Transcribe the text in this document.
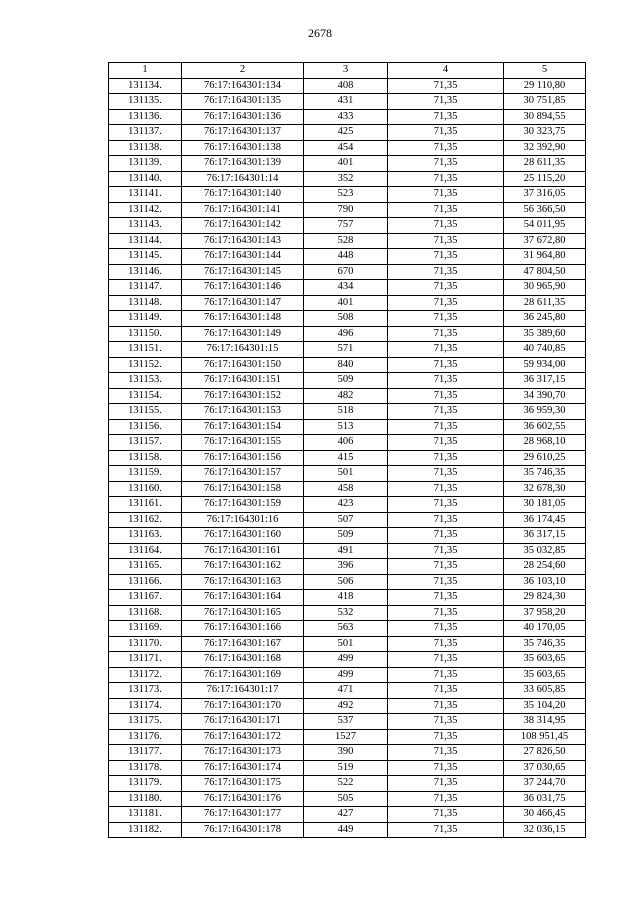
2678
1	2	3	4	5
131134.	76:17:164301:134	408	71,35	29 110,80
131135.	76:17:164301:135	431	71,35	30 751,85
131136.	76:17:164301:136	433	71,35	30 894,55
131137.	76:17:164301:137	425	71,35	30 323,75
131138.	76:17:164301:138	454	71,35	32 392,90
131139.	76:17:164301:139	401	71,35	28 611,35
131140.	76:17:164301:14	352	71,35	25 115,20
131141.	76:17:164301:140	523	71,35	37 316,05
131142.	76:17:164301:141	790	71,35	56 366,50
131143.	76:17:164301:142	757	71,35	54 011,95
131144.	76:17:164301:143	528	71,35	37 672,80
131145.	76:17:164301:144	448	71,35	31 964,80
131146.	76:17:164301:145	670	71,35	47 804,50
131147.	76:17:164301:146	434	71,35	30 965,90
131148.	76:17:164301:147	401	71,35	28 611,35
131149.	76:17:164301:148	508	71,35	36 245,80
131150.	76:17:164301:149	496	71,35	35 389,60
131151.	76:17:164301:15	571	71,35	40 740,85
131152.	76:17:164301:150	840	71,35	59 934,00
131153.	76:17:164301:151	509	71,35	36 317,15
131154.	76:17:164301:152	482	71,35	34 390,70
131155.	76:17:164301:153	518	71,35	36 959,30
131156.	76:17:164301:154	513	71,35	36 602,55
131157.	76:17:164301:155	406	71,35	28 968,10
131158.	76:17:164301:156	415	71,35	29 610,25
131159.	76:17:164301:157	501	71,35	35 746,35
131160.	76:17:164301:158	458	71,35	32 678,30
131161.	76:17:164301:159	423	71,35	30 181,05
131162.	76:17:164301:16	507	71,35	36 174,45
131163.	76:17:164301:160	509	71,35	36 317,15
131164.	76:17:164301:161	491	71,35	35 032,85
131165.	76:17:164301:162	396	71,35	28 254,60
131166.	76:17:164301:163	506	71,35	36 103,10
131167.	76:17:164301:164	418	71,35	29 824,30
131168.	76:17:164301:165	532	71,35	37 958,20
131169.	76:17:164301:166	563	71,35	40 170,05
131170.	76:17:164301:167	501	71,35	35 746,35
131171.	76:17:164301:168	499	71,35	35 603,65
131172.	76:17:164301:169	499	71,35	35 603,65
131173.	76:17:164301:17	471	71,35	33 605,85
131174.	76:17:164301:170	492	71,35	35 104,20
131175.	76:17:164301:171	537	71,35	38 314,95
131176.	76:17:164301:172	1527	71,35	108 951,45
131177.	76:17:164301:173	390	71,35	27 826,50
131178.	76:17:164301:174	519	71,35	37 030,65
131179.	76:17:164301:175	522	71,35	37 244,70
131180.	76:17:164301:176	505	71,35	36 031,75
131181.	76:17:164301:177	427	71,35	30 466,45
131182.	76:17:164301:178	449	71,35	32 036,15
